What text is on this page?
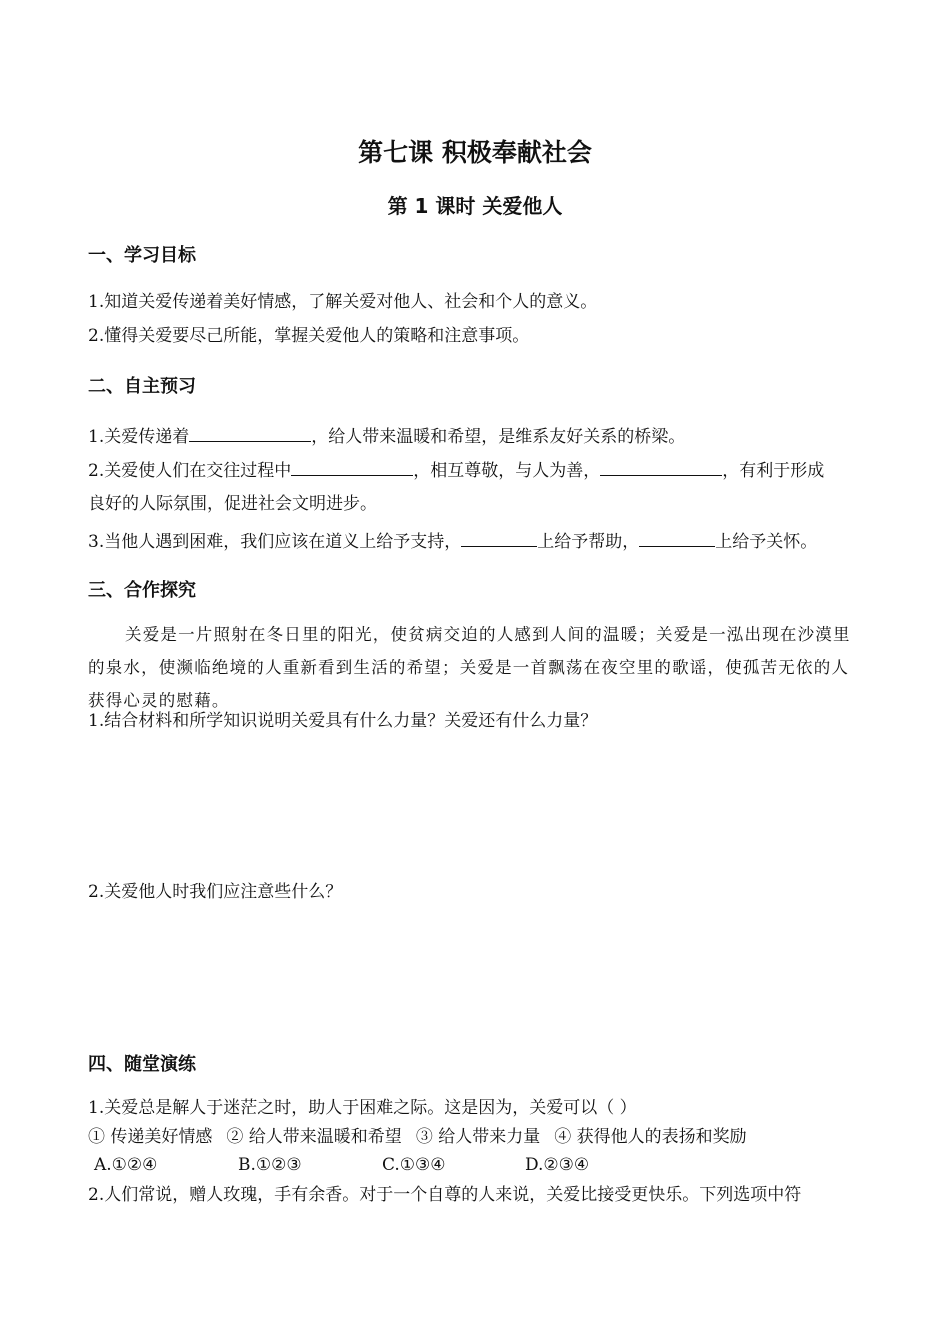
第七课 积极奉献社会
第 1 课时 关爱他人
一、学习目标
1.知道关爱传递着美好情感，了解关爱对他人、社会和个人的意义。
2.懂得关爱要尽己所能，掌握关爱他人的策略和注意事项。
二、自主预习
1.关爱传递着	，给人带来温暖和希望，是维系友好关系的桥梁。
2.关爱使人们在交往过程中	，相互尊敬，与人为善，	，有利于形成
良好的人际氛围，促进社会文明进步。
3.当他人遇到困难，我们应该在道义上给予支持，	上给予帮助，	上给予关怀。
三、合作探究
关爱是一片照射在冬日里的阳光，使贫病交迫的人感到人间的温暖；关爱是一泓出现在沙漠里的泉水，使濒临绝境的人重新看到生活的希望；关爱是一首飘荡在夜空里的歌谣，使孤苦无依的人获得心灵的慰藉。
1.结合材料和所学知识说明关爱具有什么力量？关爱还有什么力量？
2.关爱他人时我们应注意些什么？
四、随堂演练
1.关爱总是解人于迷茫之时，助人于困难之际。这是因为，关爱可以（ ）
① 传递美好情感 ② 给人带来温暖和希望 ③ 给人带来力量 ④ 获得他人的表扬和奖励
A.①②④	B.①②③	C.①③④	D.②③④
2.人们常说，赠人玫瑰，手有余香。对于一个自尊的人来说，关爱比接受更快乐。下列选项中符
